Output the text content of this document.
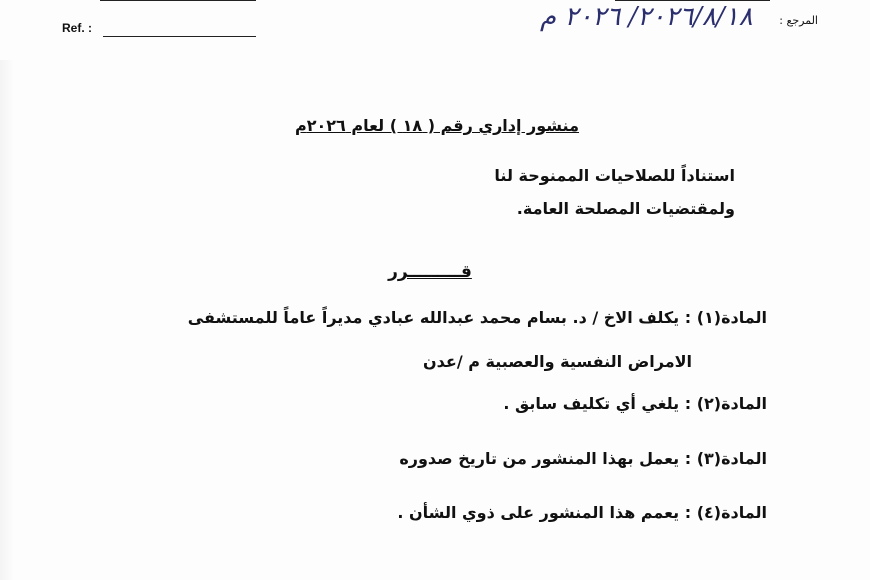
Ref. :	٢٠٢٦/٨/١٨/ ٢٠٢٦ م المرجع :
منشور إداري رقم ( ١٨ ) لعام ٢٠٢٦م
استناداً للصلاحيات الممنوحة لنا
ولمقتضيات المصلحة العامة.
قـــــــــرر
المادة(١) : يكلف الاخ / د. بسام محمد عبدالله عبادي مديراً عاماً للمستشفى
الامراض النفسية والعصبية م /عدن
المادة(٢) : يلغي أي تكليف سابق .
المادة(٣) : يعمل بهذا المنشور من تاريخ صدوره
المادة(٤) : يعمم هذا المنشور على ذوي الشأن .
